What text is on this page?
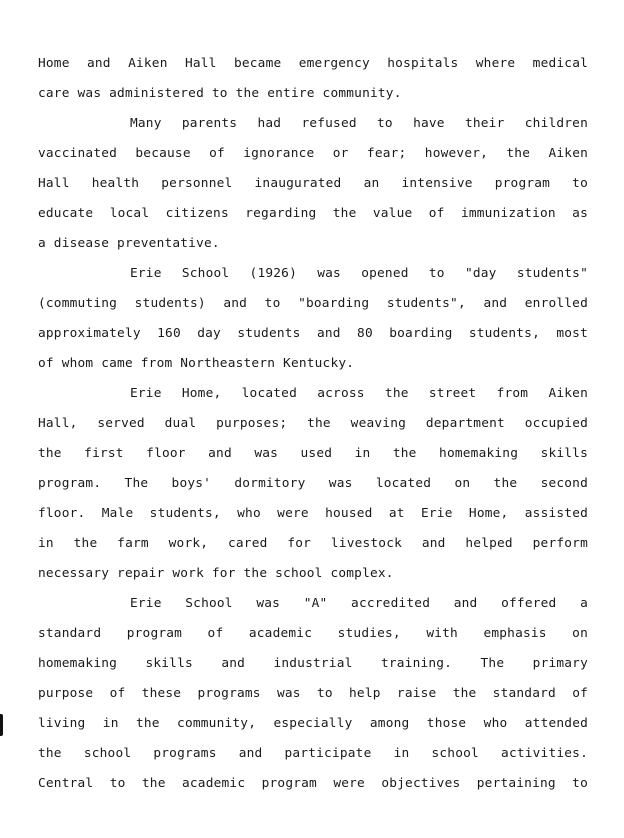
Home and Aiken Hall became emergency hospitals where medical
care was administered to the entire community.
Many parents had refused to have their children
vaccinated because of ignorance or fear; however, the Aiken
Hall health personnel inaugurated an intensive program to
educate local citizens regarding the value of immunization as
a disease preventative.
Erie School (1926) was opened to "day students"
(commuting students) and to "boarding students", and enrolled
approximately 160 day students and 80 boarding students, most
of whom came from Northeastern Kentucky.
Erie Home, located across the street from Aiken
Hall, served dual purposes; the weaving department occupied
the first floor and was used in the homemaking skills
program. The boys' dormitory was located on the second
floor. Male students, who were housed at Erie Home, assisted
in the farm work, cared for livestock and helped perform
necessary repair work for the school complex.
Erie School was "A" accredited and offered a
standard program of academic studies, with emphasis on
homemaking skills and industrial training. The primary
purpose of these programs was to help raise the standard of
living in the community, especially among those who attended
the school programs and participate in school activities.
Central to the academic program were objectives pertaining to
